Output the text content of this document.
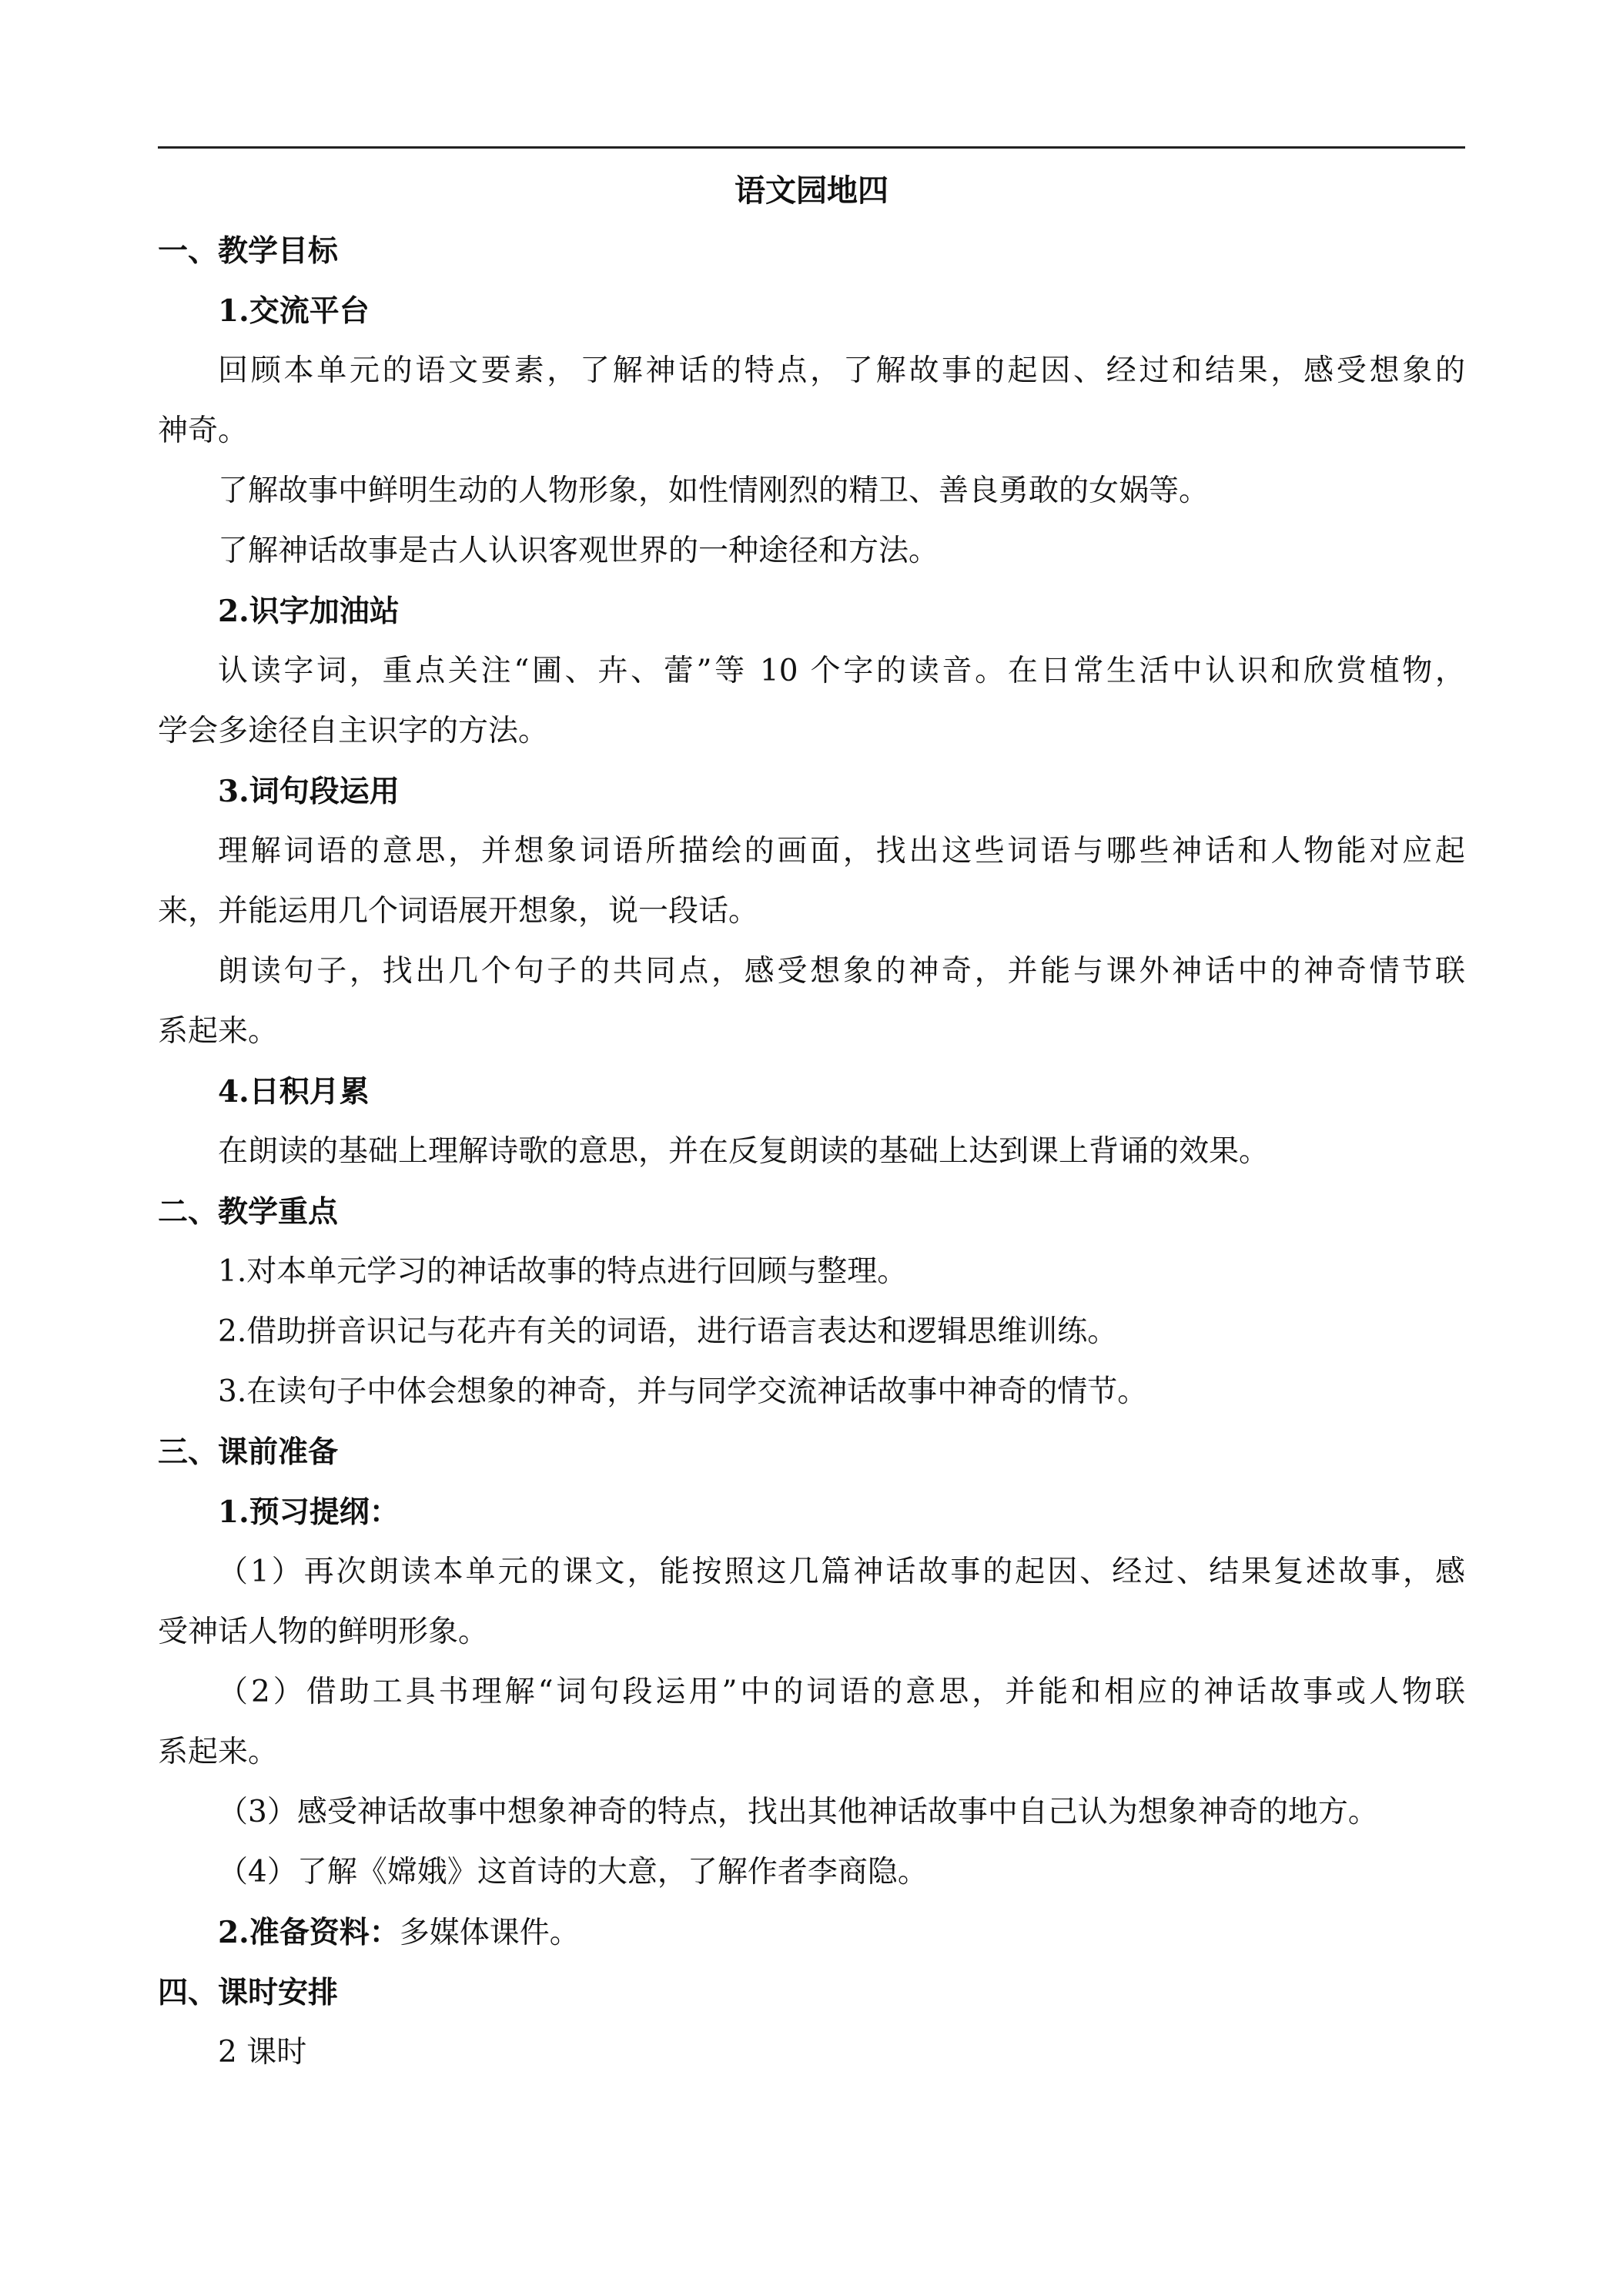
语文园地四
一、教学目标
1.交流平台
回顾本单元的语文要素，了解神话的特点，了解故事的起因、经过和结果，感受想象的
神奇。
了解故事中鲜明生动的人物形象，如性情刚烈的精卫、善良勇敢的女娲等。
了解神话故事是古人认识客观世界的一种途径和方法。
2.识字加油站
认读字词，重点关注“圃、卉、蕾”等 10 个字的读音。在日常生活中认识和欣赏植物，
学会多途径自主识字的方法。
3.词句段运用
理解词语的意思，并想象词语所描绘的画面，找出这些词语与哪些神话和人物能对应起
来，并能运用几个词语展开想象，说一段话。
朗读句子，找出几个句子的共同点，感受想象的神奇，并能与课外神话中的神奇情节联
系起来。
4.日积月累
在朗读的基础上理解诗歌的意思，并在反复朗读的基础上达到课上背诵的效果。
二、教学重点
1.对本单元学习的神话故事的特点进行回顾与整理。
2.借助拼音识记与花卉有关的词语，进行语言表达和逻辑思维训练。
3.在读句子中体会想象的神奇，并与同学交流神话故事中神奇的情节。
三、课前准备
1.预习提纲：
（1）再次朗读本单元的课文，能按照这几篇神话故事的起因、经过、结果复述故事，感
受神话人物的鲜明形象。
（2）借助工具书理解“词句段运用”中的词语的意思，并能和相应的神话故事或人物联
系起来。
（3）感受神话故事中想象神奇的特点，找出其他神话故事中自己认为想象神奇的地方。
（4）了解《嫦娥》这首诗的大意，了解作者李商隐。
2.准备资料：多媒体课件。
四、课时安排
2 课时
